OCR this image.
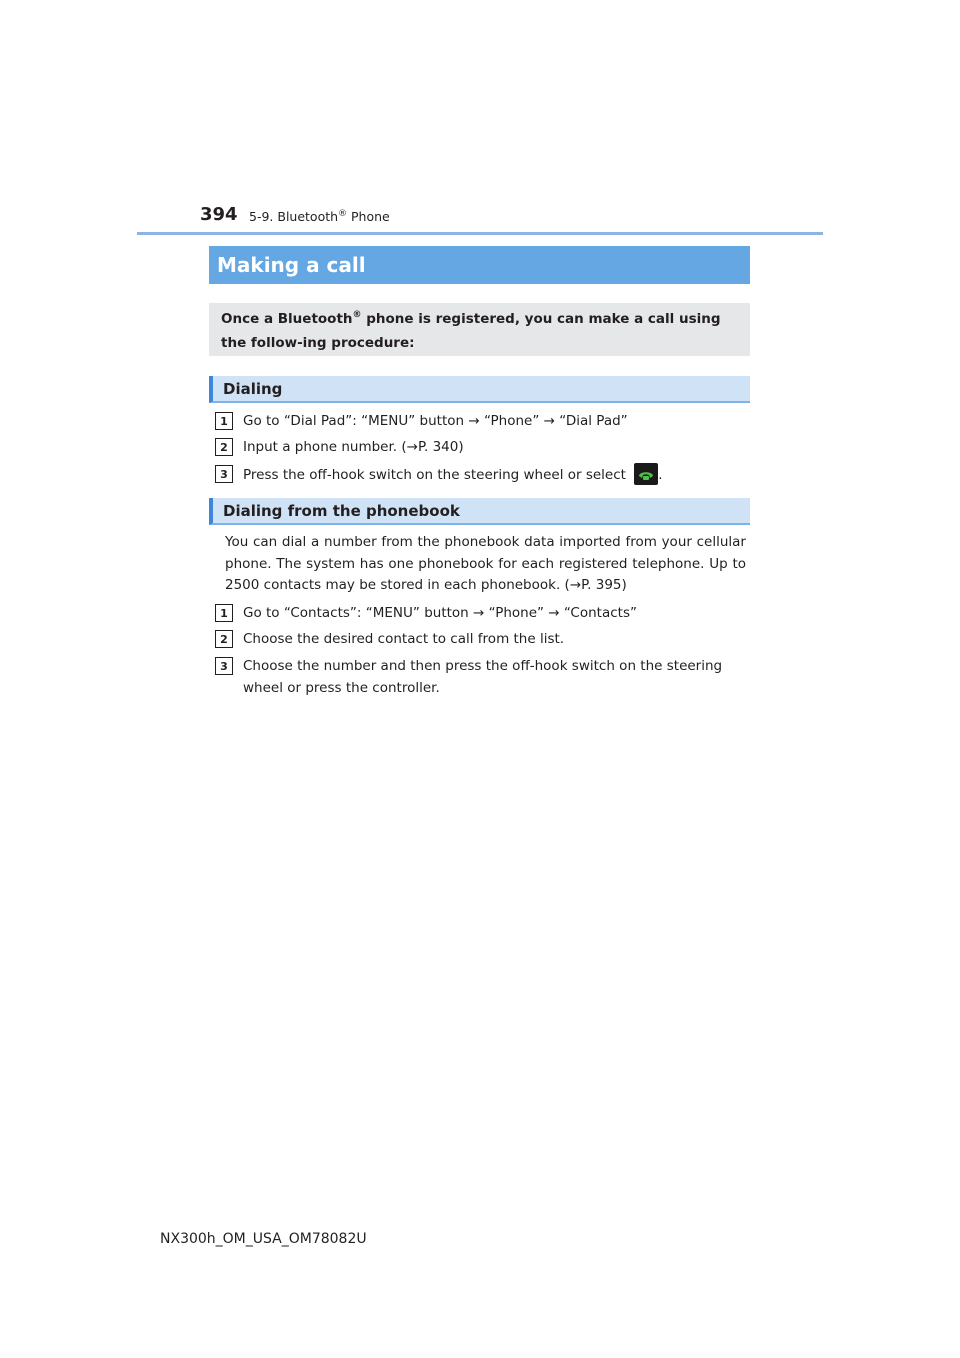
394 5-9. Bluetooth® Phone
Making a call

Once a Bluetooth® phone is registered, you can make a call using the follow-ing procedure:

Dialing
1	Go to “Dial Pad”: “MENU” button → “Phone” → “Dial Pad”
2	Input a phone number. (→P. 340)
3	Press the off-hook switch on the steering wheel or select .
Dialing from the phonebook
You can dial a number from the phonebook data imported from your cellular phone. The system has one phonebook for each registered telephone. Up to 2500 contacts may be stored in each phonebook. (→P. 395)
1	Go to “Contacts”: “MENU” button → “Phone” → “Contacts”
2	Choose the desired contact to call from the list.
3	Choose the number and then press the off-hook switch on the steering wheel or press the controller.
NX300h_OM_USA_OM78082U
